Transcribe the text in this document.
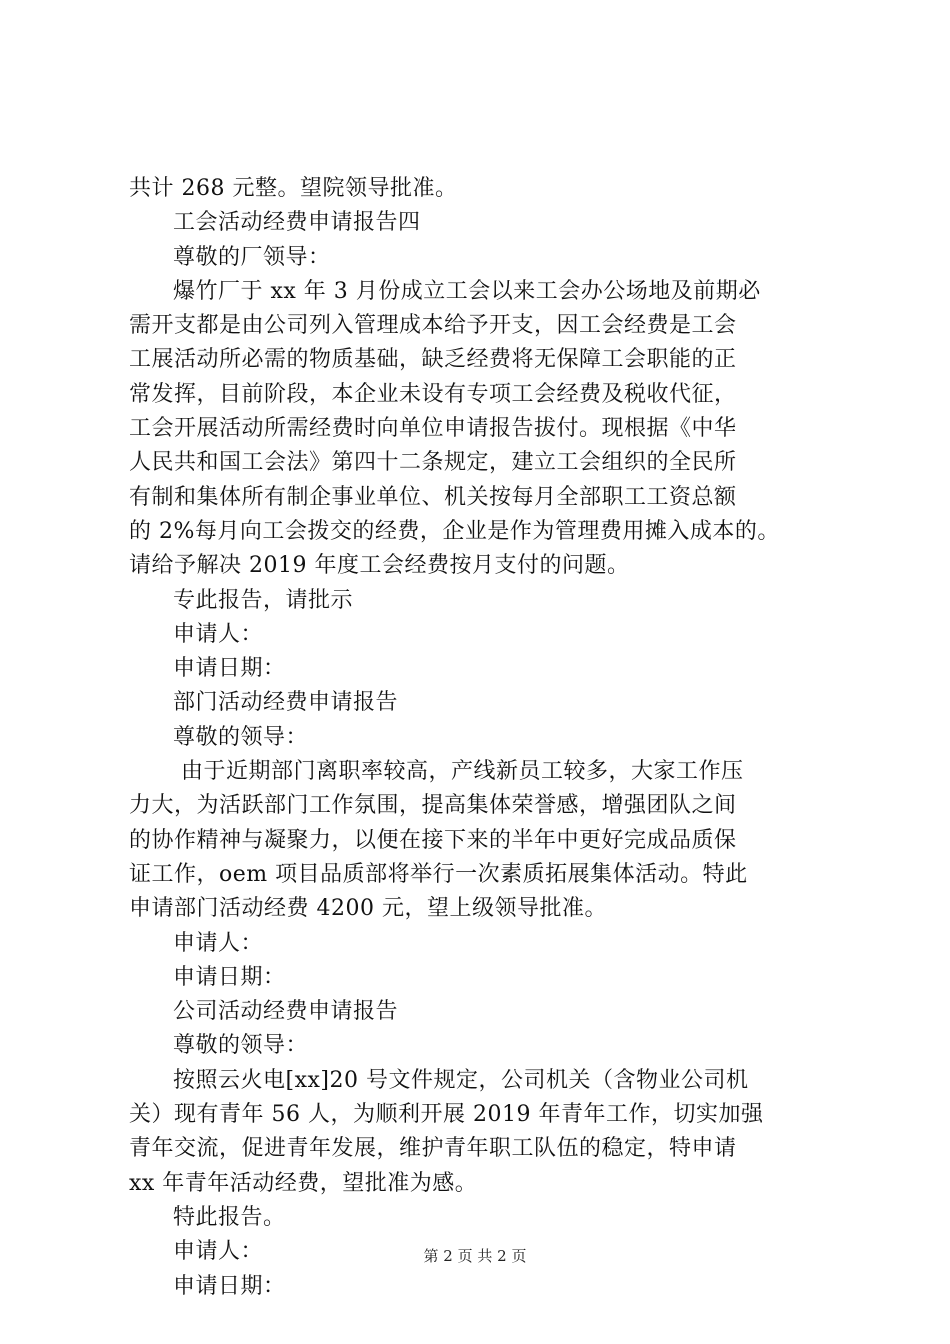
共计 268 元整。望院领导批准。
工会活动经费申请报告四
尊敬的厂领导：
爆竹厂于 xx 年 3 月份成立工会以来工会办公场地及前期必
需开支都是由公司列入管理成本给予开支，因工会经费是工会
工展活动所必需的物质基础，缺乏经费将无保障工会职能的正
常发挥，目前阶段，本企业未设有专项工会经费及税收代征，
工会开展活动所需经费时向单位申请报告拔付。现根据《中华
人民共和国工会法》第四十二条规定，建立工会组织的全民所
有制和集体所有制企事业单位、机关按每月全部职工工资总额
的 2%每月向工会拨交的经费，企业是作为管理费用摊入成本的。
请给予解决 2019 年度工会经费按月支付的问题。
专此报告，请批示
申请人：
申请日期：
部门活动经费申请报告
尊敬的领导：
由于近期部门离职率较高，产线新员工较多，大家工作压
力大，为活跃部门工作氛围，提高集体荣誉感，增强团队之间
的协作精神与凝聚力，以便在接下来的半年中更好完成品质保
证工作，oem 项目品质部将举行一次素质拓展集体活动。特此
申请部门活动经费 4200 元，望上级领导批准。
申请人：
申请日期：
公司活动经费申请报告
尊敬的领导：
按照云火电[xx]20 号文件规定，公司机关（含物业公司机
关）现有青年 56 人，为顺利开展 2019 年青年工作，切实加强
青年交流，促进青年发展，维护青年职工队伍的稳定，特申请
xx 年青年活动经费，望批准为感。
特此报告。
申请人：
申请日期：
第 2 页 共 2 页
